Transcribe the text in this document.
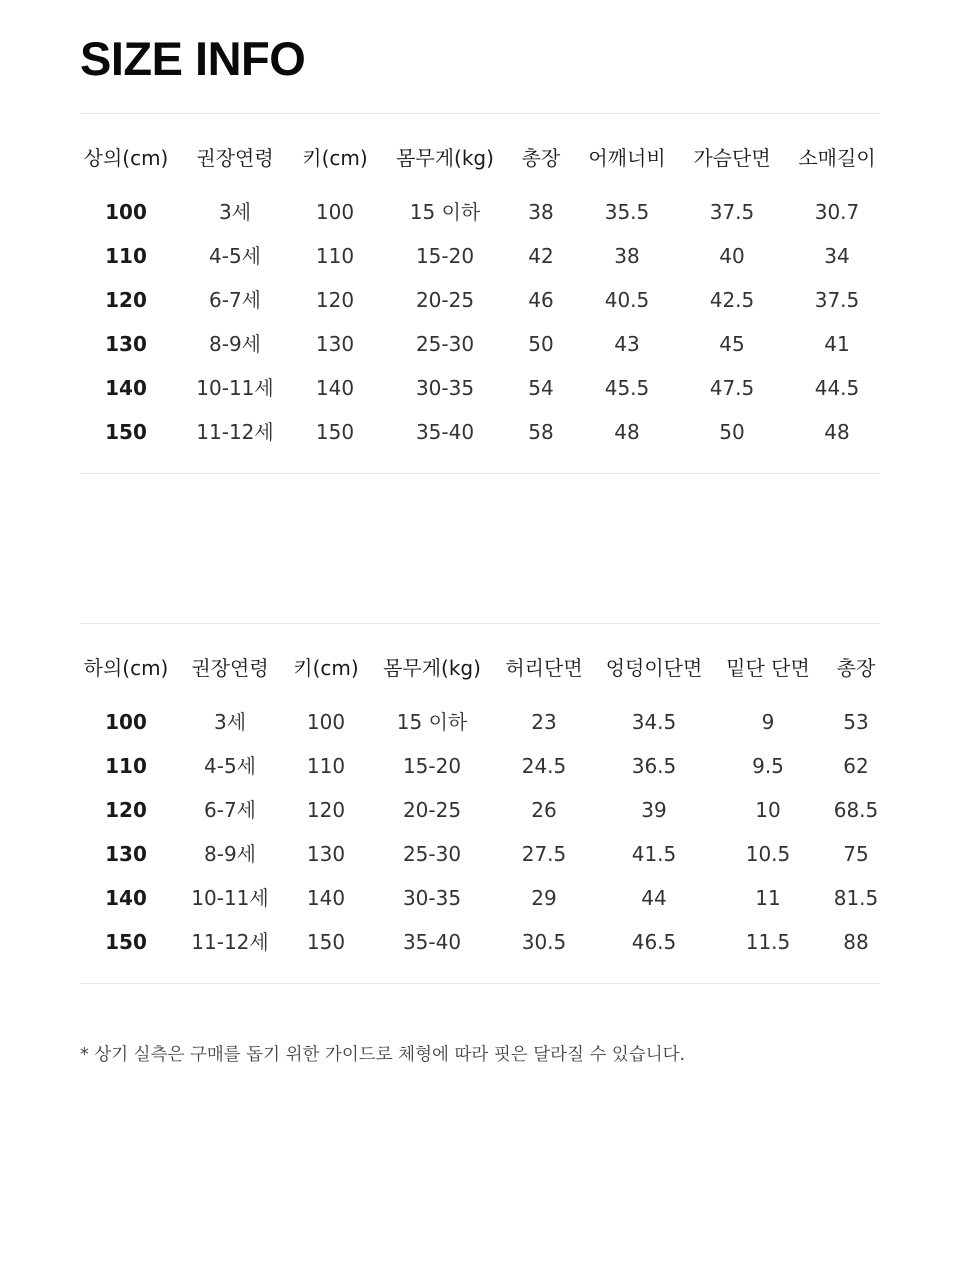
SIZE INFO
상의(cm)	권장연령	키(cm)	몸무게(kg)	총장	어깨너비	가슴단면	소매길이

100	3세	100	15 이하	38	35.5	37.5	30.7
110	4-5세	110	15-20	42	38	40	34
120	6-7세	120	20-25	46	40.5	42.5	37.5
130	8-9세	130	25-30	50	43	45	41
140	10-11세	140	30-35	54	45.5	47.5	44.5
150	11-12세	150	35-40	58	48	50	48
하의(cm)	권장연령	키(cm)	몸무게(kg)	허리단면	엉덩이단면	밑단 단면	총장

100	3세	100	15 이하	23	34.5	9	53
110	4-5세	110	15-20	24.5	36.5	9.5	62
120	6-7세	120	20-25	26	39	10	68.5
130	8-9세	130	25-30	27.5	41.5	10.5	75
140	10-11세	140	30-35	29	44	11	81.5
150	11-12세	150	35-40	30.5	46.5	11.5	88

* 상기 실측은 구매를 돕기 위한 가이드로 체형에 따라 핏은 달라질 수 있습니다.
